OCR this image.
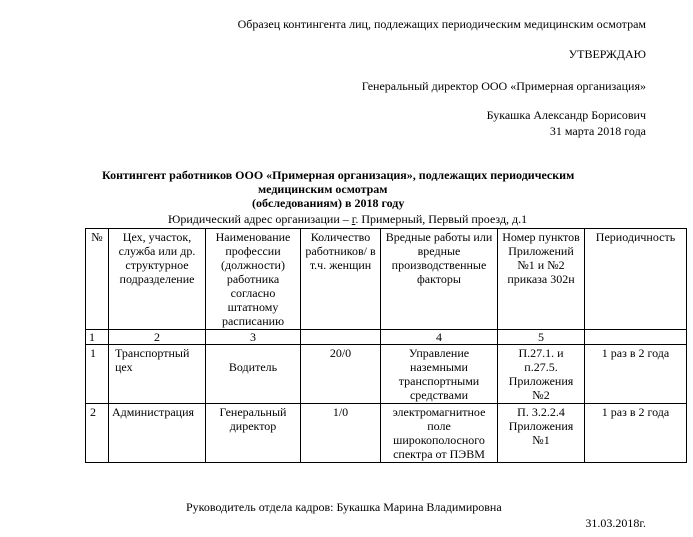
Образец контингента лиц, подлежащих периодическим медицинским осмотрам
УТВЕРЖДАЮ
Генеральный директор ООО «Примерная организация»
Букашка Александр Борисович
31 марта 2018 года
Контингент работников ООО «Примерная организация», подлежащих периодическим
медицинским осмотрам
(обследованиям) в 2018 году
Юридический адрес организации – г. Примерный, Первый проезд, д.1
№	Цех, участок, служба или др. структурное подразделение	Наименование профессии (должности) работника согласно штатному расписанию	Количество работников/ в т.ч. женщин	Вредные работы или вредные производственные факторы	Номер пунктов Приложений №1 и №2 приказа 302н	Периодичность
1	2	3		4	5	
1	Транспортный цех	Водитель	20/0	Управление наземными транспортными средствами	П.27.1. и п.27.5. Приложения №2	1 раз в 2 года
2	Администрация	Генеральный директор	1/0	электромагнитное поле широкополосного спектра от ПЭВМ	П. 3.2.2.4 Приложения №1	1 раз в 2 года
Руководитель отдела кадров: Букашка Марина Владимировна
31.03.2018г.
